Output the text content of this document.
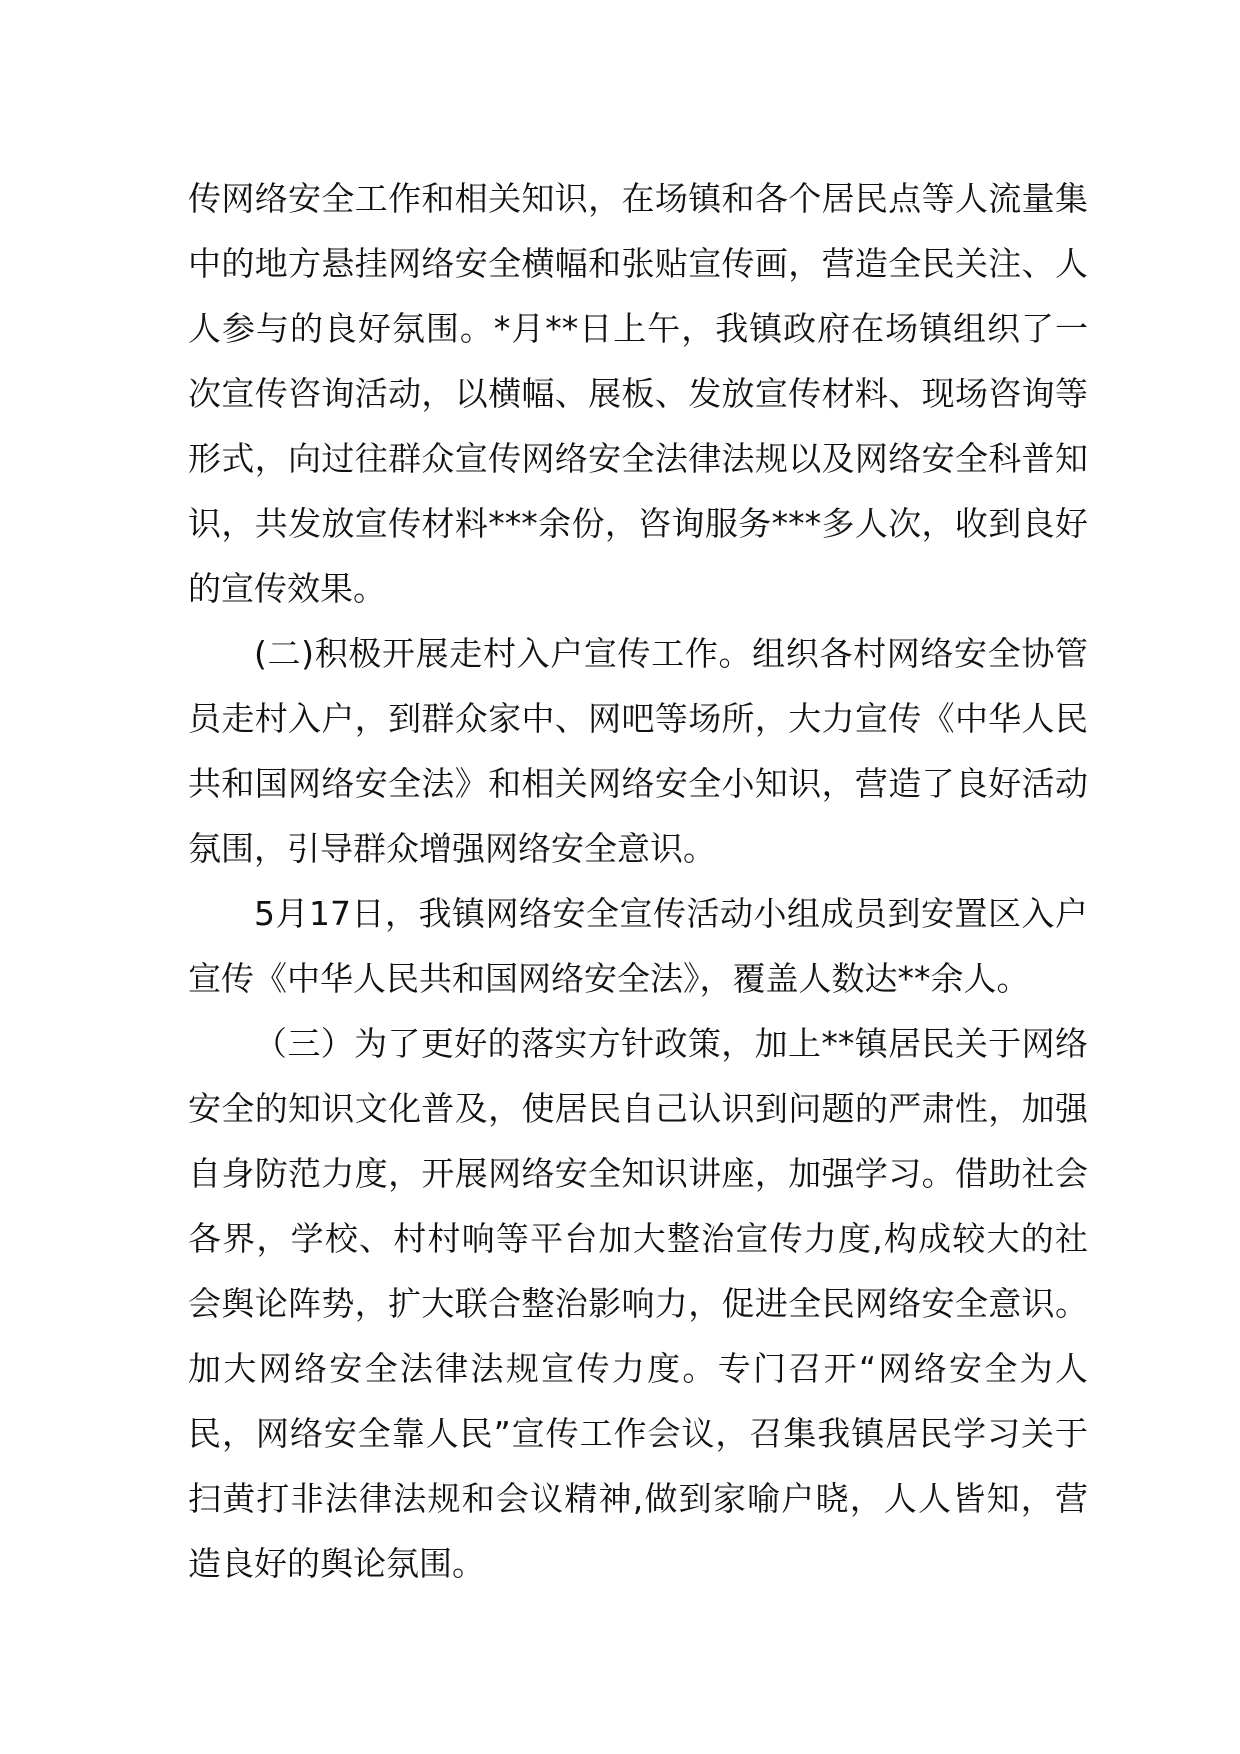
传网络安全工作和相关知识，在场镇和各个居民点等人流量集中的地方悬挂网络安全横幅和张贴宣传画，营造全民关注、人人参与的良好氛围。*月**日上午，我镇政府在场镇组织了一次宣传咨询活动，以横幅、展板、发放宣传材料、现场咨询等形式，向过往群众宣传网络安全法律法规以及网络安全科普知识，共发放宣传材料***余份，咨询服务***多人次，收到良好的宣传效果。

(二)积极开展走村入户宣传工作。组织各村网络安全协管员走村入户，到群众家中、网吧等场所，大力宣传《中华人民共和国网络安全法》和相关网络安全小知识，营造了良好活动氛围，引导群众增强网络安全意识。

5月17日，我镇网络安全宣传活动小组成员到安置区入户宣传《中华人民共和国网络安全法》，覆盖人数达**余人。

（三）为了更好的落实方针政策，加上**镇居民关于网络安全的知识文化普及，使居民自己认识到问题的严肃性，加强自身防范力度，开展网络安全知识讲座，加强学习。借助社会各界，学校、村村响等平台加大整治宣传力度,构成较大的社会舆论阵势，扩大联合整治影响力，促进全民网络安全意识。加大网络安全法律法规宣传力度。专门召开“网络安全为人民，网络安全靠人民”宣传工作会议，召集我镇居民学习关于扫黄打非法律法规和会议精神,做到家喻户晓，人人皆知，营造良好的舆论氛围。
